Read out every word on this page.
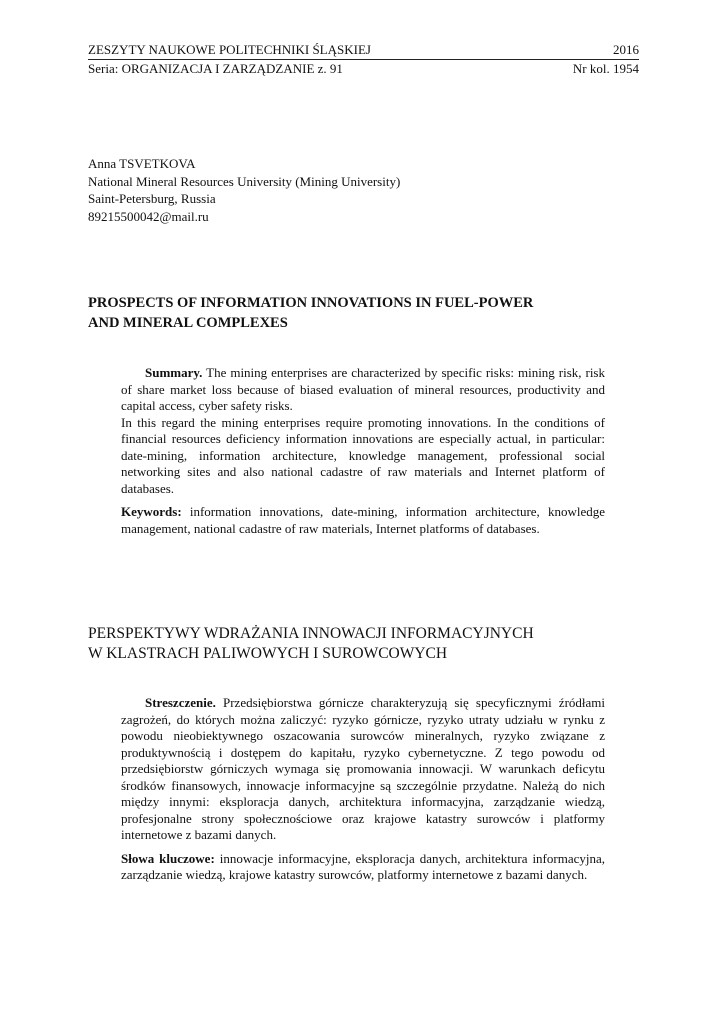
ZESZYTY NAUKOWE POLITECHNIKI ŚLĄSKIEJ	2016
Seria: ORGANIZACJA I ZARZĄDZANIE z. 91	Nr kol. 1954
Anna TSVETKOVA
National Mineral Resources University (Mining University)
Saint-Petersburg, Russia
89215500042@mail.ru
PROSPECTS OF INFORMATION INNOVATIONS IN FUEL-POWER
AND MINERAL COMPLEXES

Summary. The mining enterprises are characterized by specific risks: mining risk, risk of share market loss because of biased evaluation of mineral resources, productivity and capital access, cyber safety risks.

In this regard the mining enterprises require promoting innovations. In the conditions of financial resources deficiency information innovations are especially actual, in particular: date-mining, information architecture, knowledge management, professional social networking sites and also national cadastre of raw materials and Internet platform of databases.

Keywords: information innovations, date-mining, information architecture, knowledge management, national cadastre of raw materials, Internet platforms of databases.

PERSPEKTYWY WDRAŻANIA INNOWACJI INFORMACYJNYCH
W KLASTRACH PALIWOWYCH I SUROWCOWYCH

Streszczenie. Przedsiębiorstwa górnicze charakteryzują się specyficznymi źródłami zagrożeń, do których można zaliczyć: ryzyko górnicze, ryzyko utraty udziału w rynku z powodu nieobiektywnego oszacowania surowców mineralnych, ryzyko związane z produktywnością i dostępem do kapitału, ryzyko cybernetyczne. Z tego powodu od przedsiębiorstw górniczych wymaga się promowania innowacji. W warunkach deficytu środków finansowych, innowacje informacyjne są szczególnie przydatne. Należą do nich między innymi: eksploracja danych, architektura informacyjna, zarządzanie wiedzą, profesjonalne strony społecznościowe oraz krajowe katastry surowców i platformy internetowe z bazami danych.

Słowa kluczowe: innowacje informacyjne, eksploracja danych, architektura informacyjna, zarządzanie wiedzą, krajowe katastry surowców, platformy internetowe z bazami danych.
